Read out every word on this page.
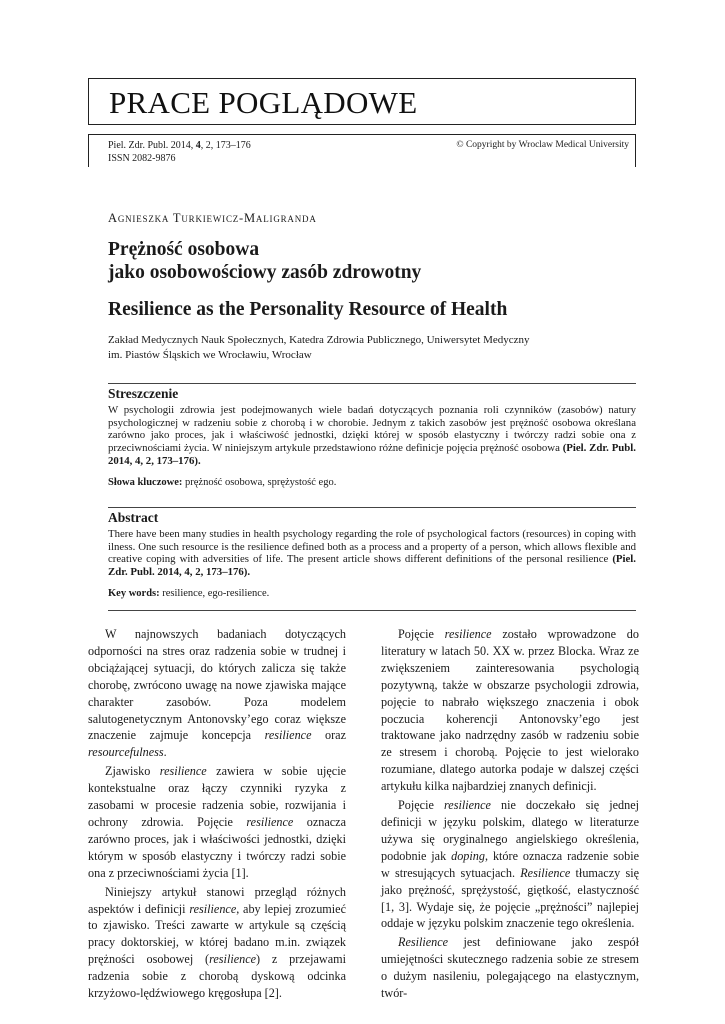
PRACE POGLĄDOWE
Piel. Zdr. Publ. 2014, 4, 2, 173–176
ISSN 2082-9876
© Copyright by Wroclaw Medical University
Agnieszka Turkiewicz-Maligranda
Prężność osobowa
jako osobowościowy zasób zdrowotny
Resilience as the Personality Resource of Health
Zakład Medycznych Nauk Społecznych, Katedra Zdrowia Publicznego, Uniwersytet Medyczny
im. Piastów Śląskich we Wrocławiu, Wrocław
Streszczenie
W psychologii zdrowia jest podejmowanych wiele badań dotyczących poznania roli czynników (zasobów) natury psychologicznej w radzeniu sobie z chorobą i w chorobie. Jednym z takich zasobów jest prężność osobowa określana zarówno jako proces, jak i właściwość jednostki, dzięki której w sposób elastyczny i twórczy radzi sobie ona z przeciwnościami życia. W niniejszym artykule przedstawiono różne definicje pojęcia prężność osobowa (Piel. Zdr. Publ. 2014, 4, 2, 173–176).
Słowa kluczowe: prężność osobowa, sprężystość ego.
Abstract
There have been many studies in health psychology regarding the role of psychological factors (resources) in coping with ilness. One such resource is the resilience defined both as a process and a property of a person, which allows flexible and creative coping with adversities of life. The present article shows different definitions of the personal resilience (Piel. Zdr. Publ. 2014, 4, 2, 173–176).
Key words: resilience, ego-resilience.

W najnowszych badaniach dotyczących odporności na stres oraz radzenia sobie w trudnej i obciążającej sytuacji, do których zalicza się także chorobę, zwrócono uwagę na nowe zjawiska mające charakter zasobów. Poza modelem salutogenetycznym Antonovsky’ego coraz większe znaczenie zajmuje koncepcja resilience oraz resourcefulness.

Zjawisko resilience zawiera w sobie ujęcie kontekstualne oraz łączy czynniki ryzyka z zasobami w procesie radzenia sobie, rozwijania i ochrony zdrowia. Pojęcie resilience oznacza zarówno proces, jak i właściwości jednostki, dzięki którym w sposób elastyczny i twórczy radzi sobie ona z przeciwnościami życia [1].

Niniejszy artykuł stanowi przegląd różnych aspektów i definicji resilience, aby lepiej zrozumieć to zjawisko. Treści zawarte w artykule są częścią pracy doktorskiej, w której badano m.in. związek prężności osobowej (resilience) z przejawami radzenia sobie z chorobą dyskową odcinka krzyżowo-lędźwiowego kręgosłupa [2].

Pojęcie resilience zostało wprowadzone do literatury w latach 50. XX w. przez Blocka. Wraz ze zwiększeniem zainteresowania psychologią pozytywną, także w obszarze psychologii zdrowia, pojęcie to nabrało większego znaczenia i obok poczucia koherencji Antonovsky’ego jest traktowane jako nadrzędny zasób w radzeniu sobie ze stresem i chorobą. Pojęcie to jest wielorako rozumiane, dlatego autorka podaje w dalszej części artykułu kilka najbardziej znanych definicji.

Pojęcie resilience nie doczekało się jednej definicji w języku polskim, dlatego w literaturze używa się oryginalnego angielskiego określenia, podobnie jak doping, które oznacza radzenie sobie w stresujących sytuacjach. Resilience tłumaczy się jako prężność, sprężystość, giętkość, elastyczność [1, 3]. Wydaje się, że pojęcie „prężności” najlepiej oddaje w języku polskim znaczenie tego określenia.

Resilience jest definiowane jako zespół umiejętności skutecznego radzenia sobie ze stresem o dużym nasileniu, polegającego na elastycznym, twór-
